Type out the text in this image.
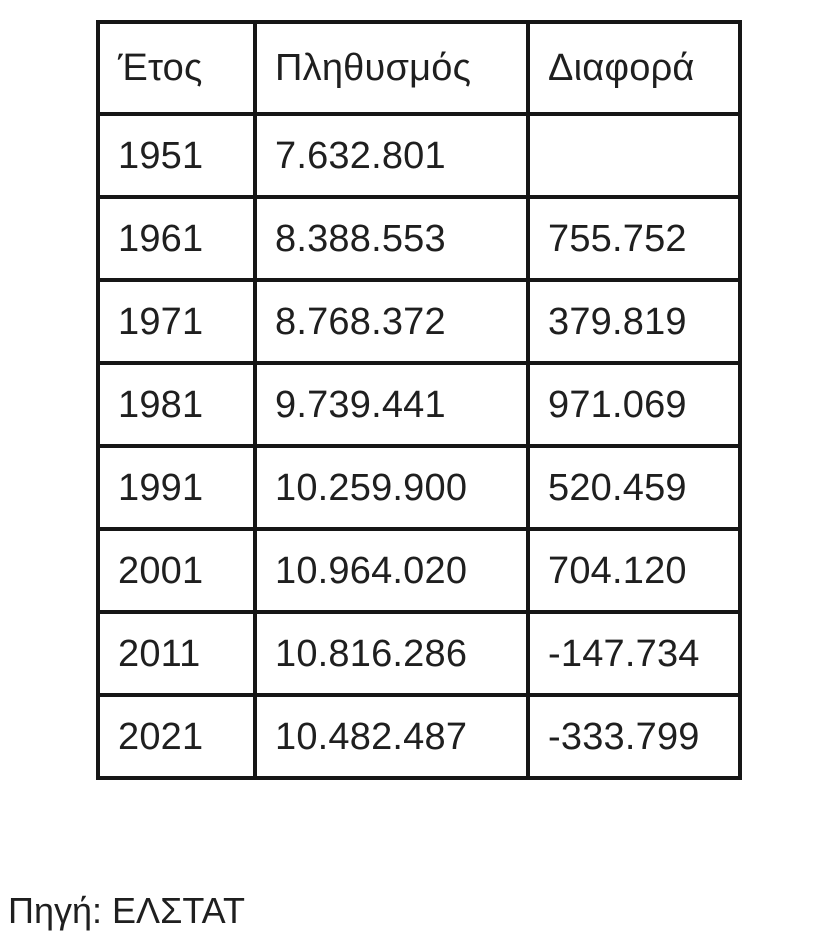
Έτος	Πληθυσμός	Διαφορά
1951	7.632.801	
1961	8.388.553	755.752
1971	8.768.372	379.819
1981	9.739.441	971.069
1991	10.259.900	520.459
2001	10.964.020	704.120
2011	10.816.286	-147.734
2021	10.482.487	-333.799
Πηγή: ΕΛΣΤΑΤ
